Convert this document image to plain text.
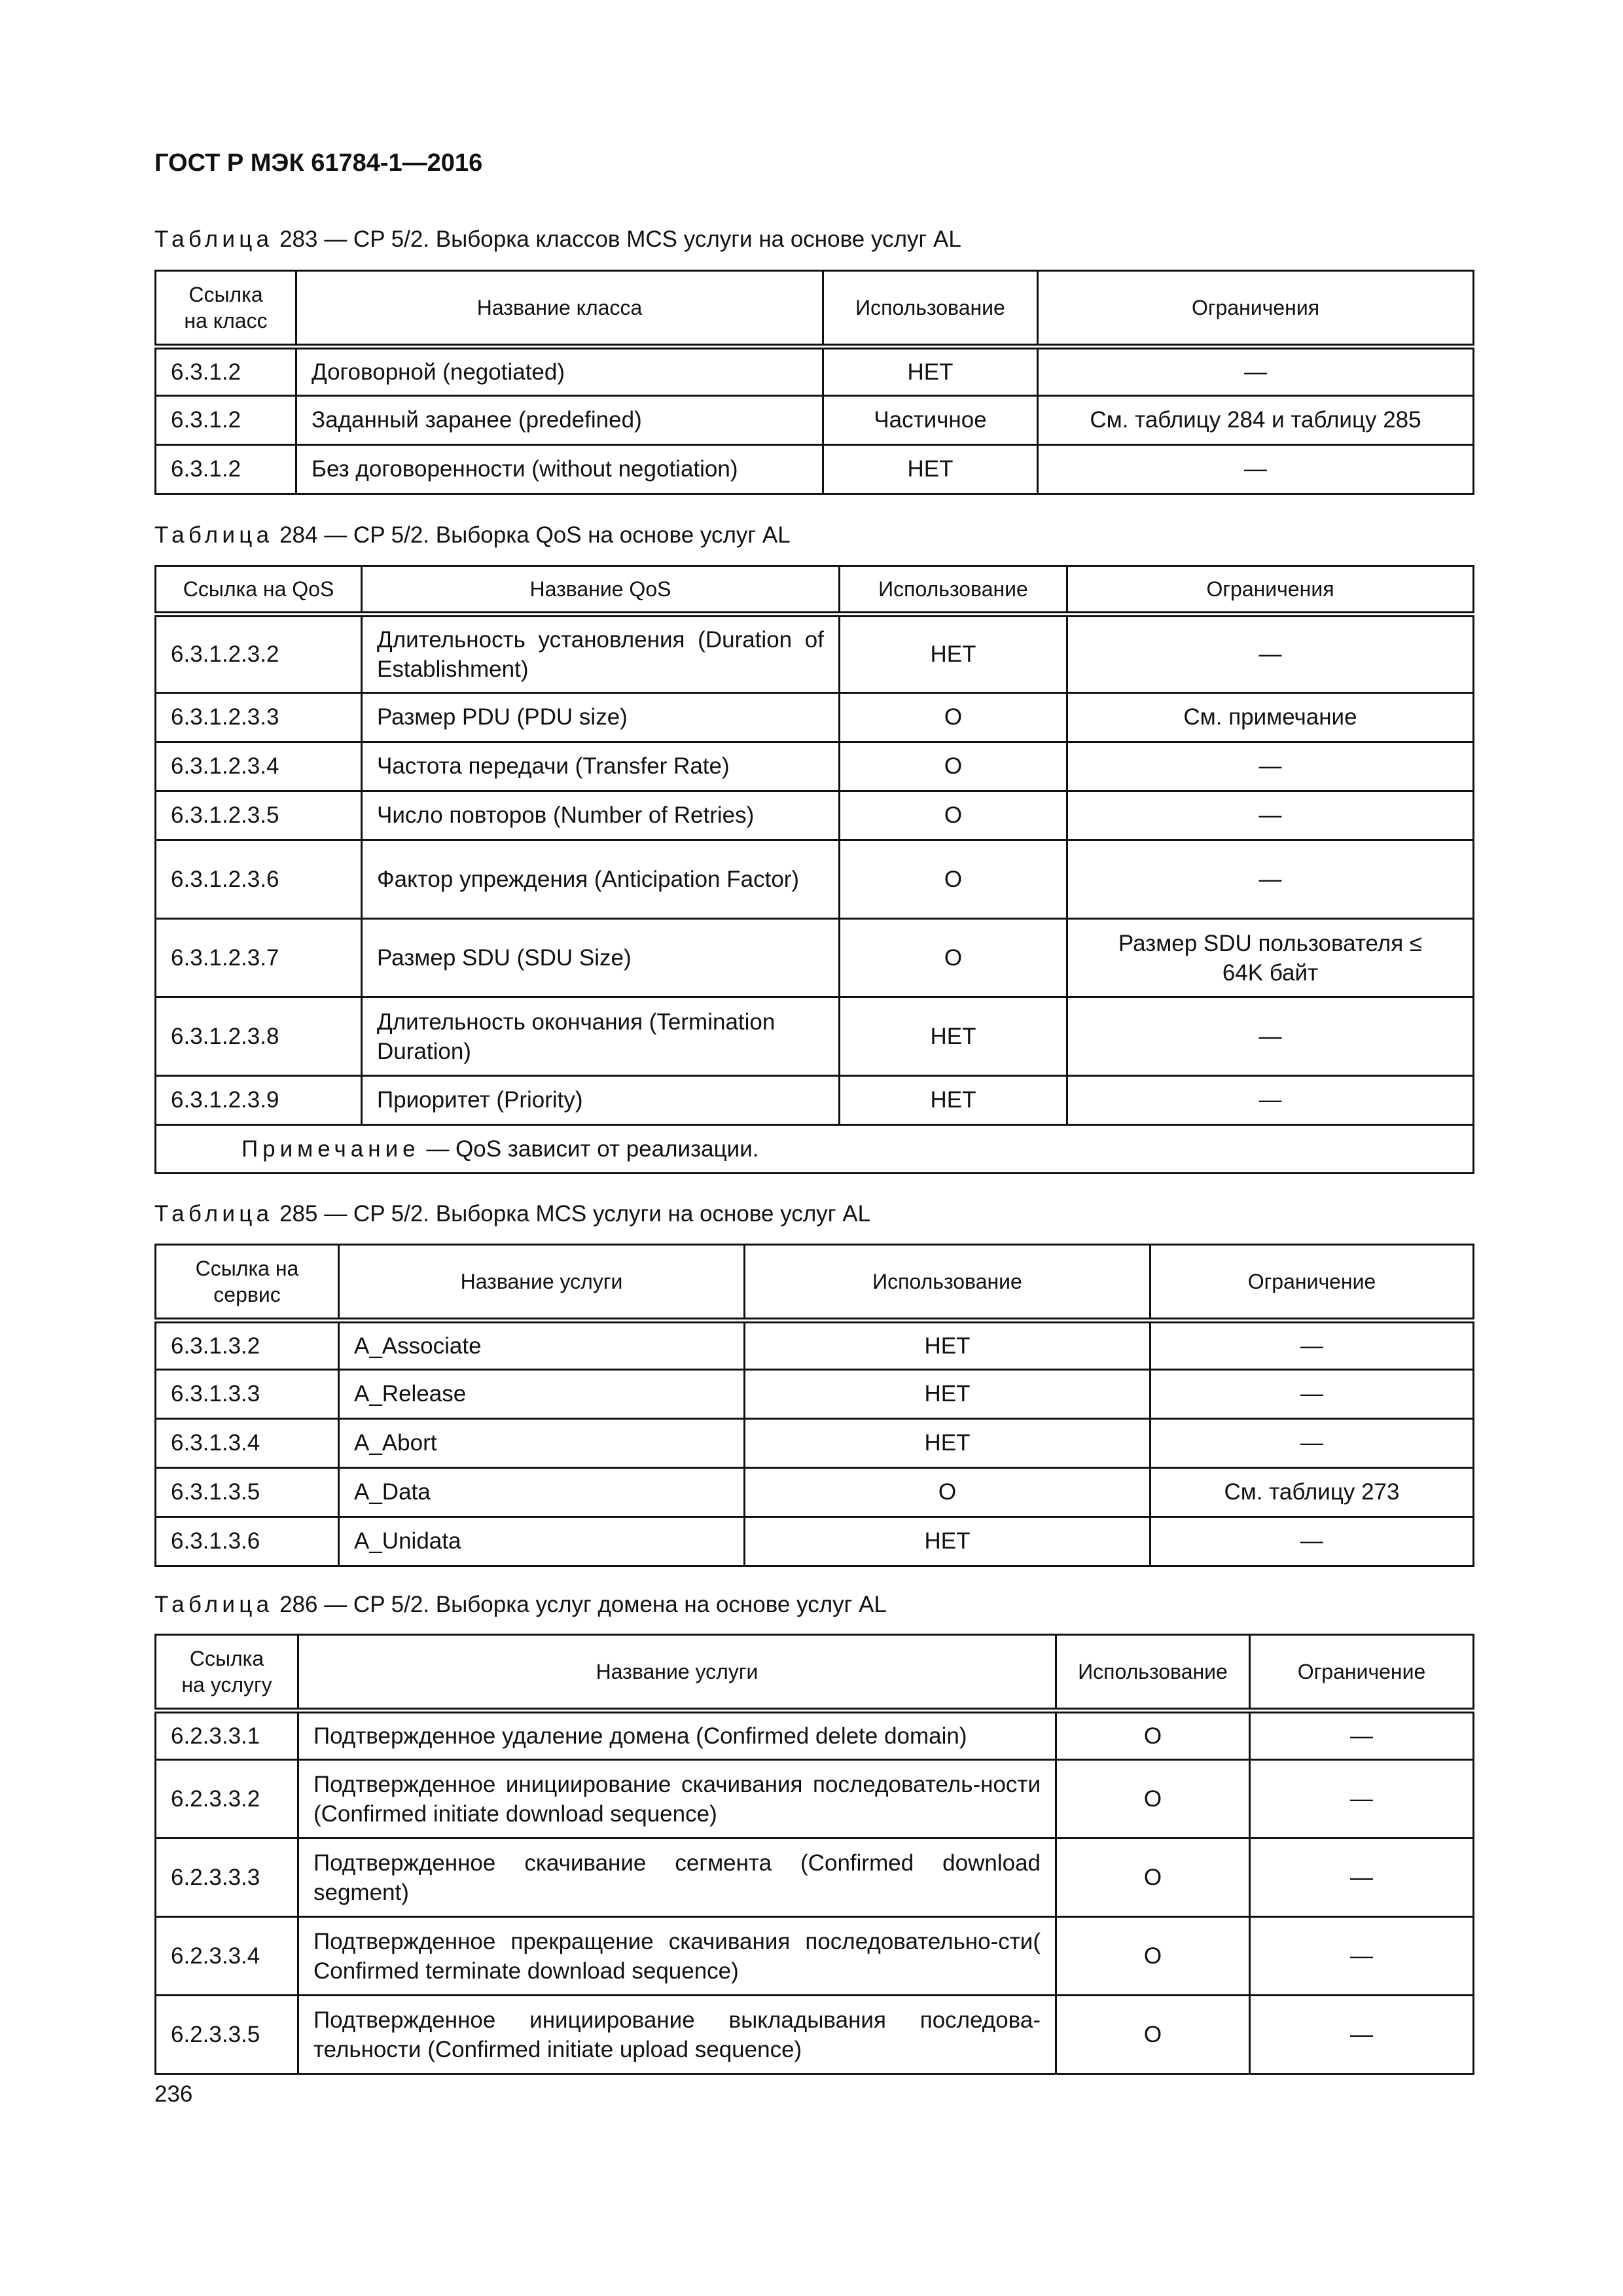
ГОСТ Р МЭК 61784-1—2016
Таблица 283 — CP 5/2. Выборка классов MCS услуги на основе услуг AL
Ссылка на класс	Название класса	Использование	Ограничения
6.3.1.2	Договорной (negotiated)	НЕТ	—
6.3.1.2	Заданный заранее (predefined)	Частичное	См. таблицу 284 и таблицу 285
6.3.1.2	Без договоренности (without negotiation)	НЕТ	—
Таблица 284 — CP 5/2. Выборка QoS на основе услуг AL
Ссылка на QoS	Название QoS	Использование	Ограничения
6.3.1.2.3.2	Длительность установления (Duration of Establishment)	НЕТ	—
6.3.1.2.3.3	Размер PDU (PDU size)	O	См. примечание
6.3.1.2.3.4	Частота передачи (Transfer Rate)	O	—
6.3.1.2.3.5	Число повторов (Number of Retries)	O	—
6.3.1.2.3.6	Фактор упреждения (Anticipation Factor)	O	—
6.3.1.2.3.7	Размер SDU (SDU Size)	O	Размер SDU пользователя ≤ 64K байт
6.3.1.2.3.8	Длительность окончания (Termination Duration)	НЕТ	—
6.3.1.2.3.9	Приоритет (Priority)	НЕТ	—
Примечание — QoS зависит от реализации.			
Таблица 285 — CP 5/2. Выборка MCS услуги на основе услуг AL
Ссылка на сервис	Название услуги	Использование	Ограничение
6.3.1.3.2	A_Associate	НЕТ	—
6.3.1.3.3	A_Release	НЕТ	—
6.3.1.3.4	A_Abort	НЕТ	—
6.3.1.3.5	A_Data	O	См. таблицу 273
6.3.1.3.6	A_Unidata	НЕТ	—
Таблица 286 — CP 5/2. Выборка услуг домена на основе услуг AL
Ссылка на услугу	Название услуги	Использование	Ограничение
6.2.3.3.1	Подтвержденное удаление домена (Confirmed delete domain)	O	—
6.2.3.3.2	Подтвержденное инициирование скачивания последователь-ности (Confirmed initiate download sequence)	O	—
6.2.3.3.3	Подтвержденное скачивание сегмента (Confirmed download segment)	O	—
6.2.3.3.4	Подтвержденное прекращение скачивания последовательно-сти( Confirmed terminate download sequence)	O	—
6.2.3.3.5	Подтвержденное инициирование выкладывания последова-тельности (Confirmed initiate upload sequence)	O	—
236
